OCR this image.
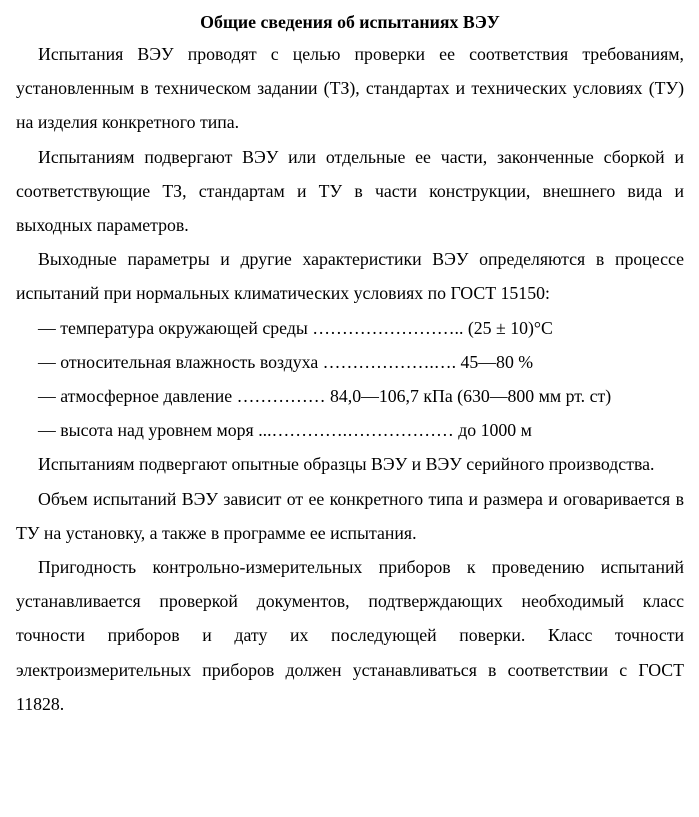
Общие сведения об испытаниях ВЭУ

Испытания ВЭУ проводят с целью проверки ее соответствия требованиям, установленным в техническом задании (ТЗ), стандартах и технических условиях (ТУ) на изделия конкретного типа.

Испытаниям подвергают ВЭУ или отдельные ее части, законченные сборкой и соответствующие ТЗ, стандартам и ТУ в части конструкции, внешнего вида и выходных параметров.

Выходные параметры и другие характеристики ВЭУ определяются в процессе испытаний при нормальных климатических условиях по ГОСТ 15150:

— температура окружающей среды …………………….. (25 ± 10)°C
— относительная влажность воздуха ……………….…. 45—80 %
— атмосферное давление …………… 84,0—106,7 кПа (630—800 мм рт. ст)
— высота над уровнем моря ...………….……………… до 1000 м

Испытаниям подвергают опытные образцы ВЭУ и ВЭУ серийного производства.

Объем испытаний ВЭУ зависит от ее конкретного типа и размера и оговаривается в ТУ на установку, а также в программе ее испытания.

Пригодность контрольно-измерительных приборов к проведению испытаний устанавливается проверкой документов, подтверждающих необходимый класс точности приборов и дату их последующей поверки. Класс точности электроизмерительных приборов должен устанавливаться в соответствии с ГОСТ 11828.
